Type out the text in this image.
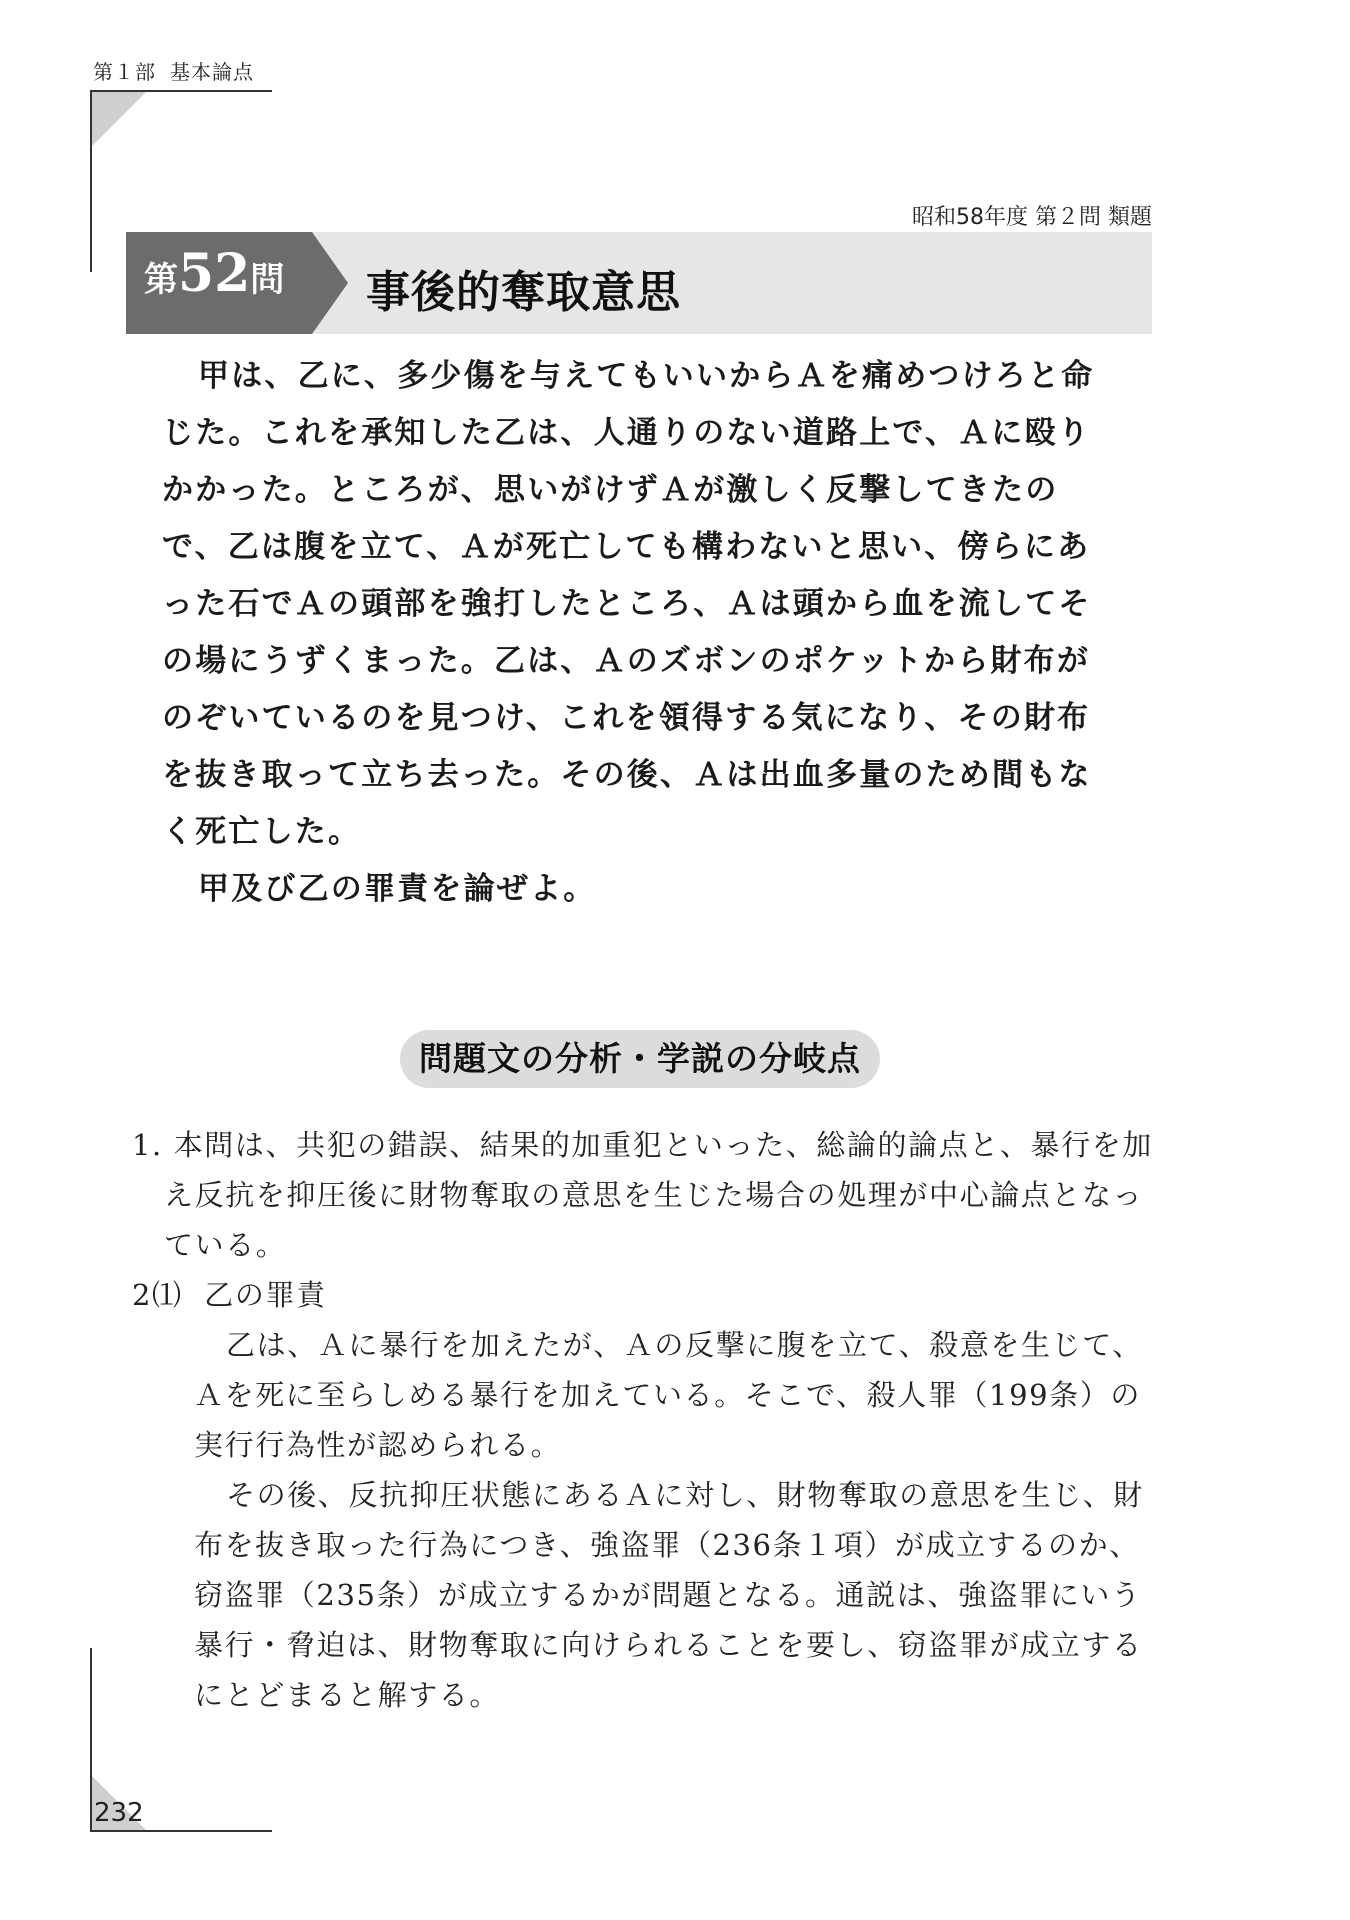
第１部 基本論点
昭和58年度 第２問 類題
第52問 事後的奪取意思

甲は、乙に、多少傷を与えてもいいからＡを痛めつけろと命じた。これを承知した乙は、人通りのない道路上で、Ａに殴りかかった。ところが、思いがけずＡが激しく反撃してきたので、乙は腹を立て、Ａが死亡しても構わないと思い、傍らにあった石でＡの頭部を強打したところ、Ａは頭から血を流してその場にうずくまった。乙は、Ａのズボンのポケットから財布がのぞいているのを見つけ、これを領得する気になり、その財布を抜き取って立ち去った。その後、Ａは出血多量のため間もなく死亡した。

甲及び乙の罪責を論ぜよ。

問題文の分析・学説の分岐点
1. 本問は、共犯の錯誤、結果的加重犯といった、総論的論点と、暴行を加え反抗を抑圧後に財物奪取の意思を生じた場合の処理が中心論点となっている。
2⑴ 乙の罪責

乙は、Ａに暴行を加えたが、Ａの反撃に腹を立て、殺意を生じて、Ａを死に至らしめる暴行を加えている。そこで、殺人罪（199条）の実行行為性が認められる。

その後、反抗抑圧状態にあるＡに対し、財物奪取の意思を生じ、財布を抜き取った行為につき、強盗罪（236条１項）が成立するのか、窃盗罪（235条）が成立するかが問題となる。通説は、強盗罪にいう暴行・脅迫は、財物奪取に向けられることを要し、窃盗罪が成立するにとどまると解する。

232
